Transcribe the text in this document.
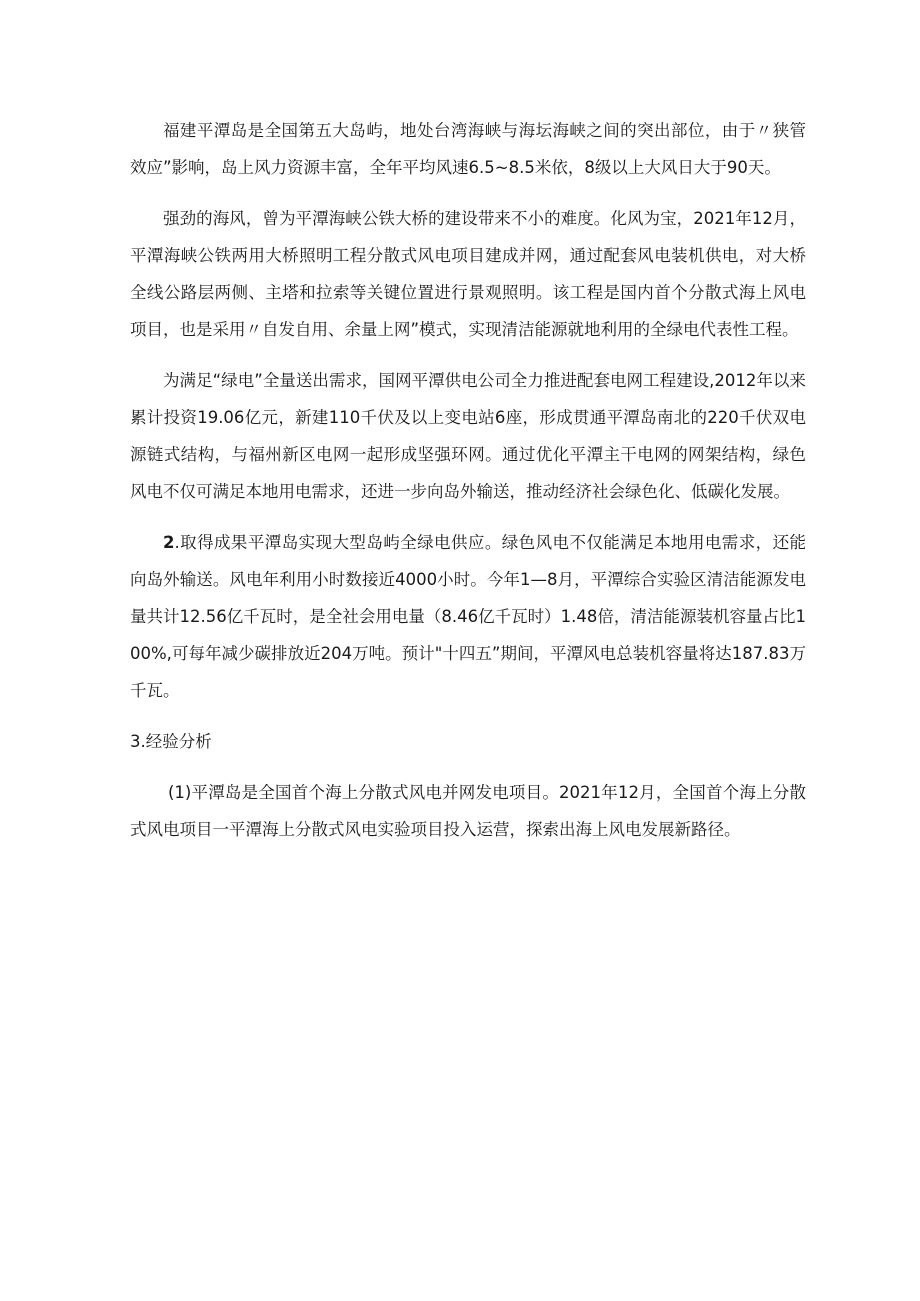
福建平潭岛是全国第五大岛屿，地处台湾海峡与海坛海峡之间的突出部位，由于〃狭管效应”影响，岛上风力资源丰富，全年平均风速6.5~8.5米依，8级以上大风日大于90天。

强劲的海风，曾为平潭海峡公铁大桥的建设带来不小的难度。化风为宝，2021年12月，平潭海峡公铁两用大桥照明工程分散式风电项目建成并网，通过配套风电装机供电，对大桥全线公路层两侧、主塔和拉索等关键位置进行景观照明。该工程是国内首个分散式海上风电项目，也是采用〃自发自用、余量上网”模式，实现清洁能源就地利用的全绿电代表性工程。

为满足“绿电”全量送出需求，国网平潭供电公司全力推进配套电网工程建设,2012年以来累计投资19.06亿元，新建110千伏及以上变电站6座，形成贯通平潭岛南北的220千伏双电源链式结构，与福州新区电网一起形成坚强环网。通过优化平潭主干电网的网架结构，绿色风电不仅可满足本地用电需求，还进一步向岛外输送，推动经济社会绿色化、低碳化发展。

2.取得成果平潭岛实现大型岛屿全绿电供应。绿色风电不仅能满足本地用电需求，还能向岛外输送。风电年利用小时数接近4000小时。今年1—8月，平潭综合实验区清洁能源发电量共计12.56亿千瓦时，是全社会用电量（8.46亿千瓦时）1.48倍，清洁能源装机容量占比100%,可每年减少碳排放近204万吨。预计"十四五”期间，平潭风电总装机容量将达187.83万千瓦。

3.经验分析

(1)平潭岛是全国首个海上分散式风电并网发电项目。2021年12月，全国首个海上分散式风电项目一平潭海上分散式风电实验项目投入运营，探索出海上风电发展新路径。
